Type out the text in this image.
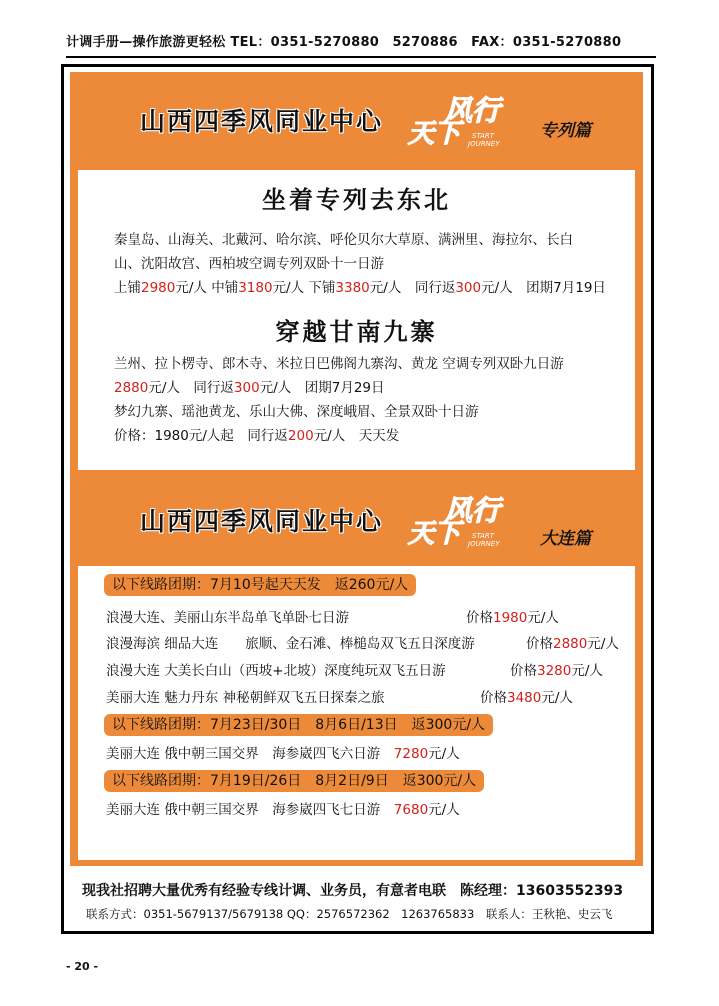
计调手册—操作旅游更轻松 TEL：0351-5270880　5270886　FAX：0351-5270880
山西四季风同业中心 风行
天下	START
JOURNEY
专列篇
坐着专列去东北
秦皇岛、山海关、北戴河、哈尔滨、呼伦贝尔大草原、满洲里、海拉尔、长白
山、沈阳故宫、西柏坡空调专列双卧十一日游
上铺2980元/人 中铺3180元/人 下铺3380元/人　同行返300元/人　团期7月19日
穿越甘南九寨
兰州、拉卜楞寺、郎木寺、米拉日巴佛阁九寨沟、黄龙 空调专列双卧九日游
2880元/人　同行返300元/人　团期7月29日
梦幻九寨、瑶池黄龙、乐山大佛、深度峨眉、全景双卧十日游
价格：1980元/人起　同行返200元/人　天天发
山西四季风同业中心 风行
天下	START
JOURNEY 大连篇
以下线路团期：7月10号起天天发　返260元/人
浪漫大连、美丽山东半岛单飞单卧七日游	价格1980元/人
浪漫海滨 细品大连　　旅顺、金石滩、棒槌岛双飞五日深度游	价格2880元/人
浪漫大连 大美长白山（西坡+北坡）深度纯玩双飞五日游	价格3280元/人
美丽大连 魅力丹东 神秘朝鲜双飞五日探秦之旅	价格3480元/人
以下线路团期：7月23日/30日　8月6日/13日　返300元/人
美丽大连 俄中朝三国交界　海参崴四飞六日游　 7280元/人
以下线路团期：7月19日/26日　8月2日/9日　返300元/人
美丽大连 俄中朝三国交界　海参崴四飞七日游　 7680元/人
现我社招聘大量优秀有经验专线计调、业务员，有意者电联　陈经理：13603552393
联系方式：0351-5679137/5679138 QQ：2576572362　1263765833　联系人：王秋艳、史云飞
- 20 -
